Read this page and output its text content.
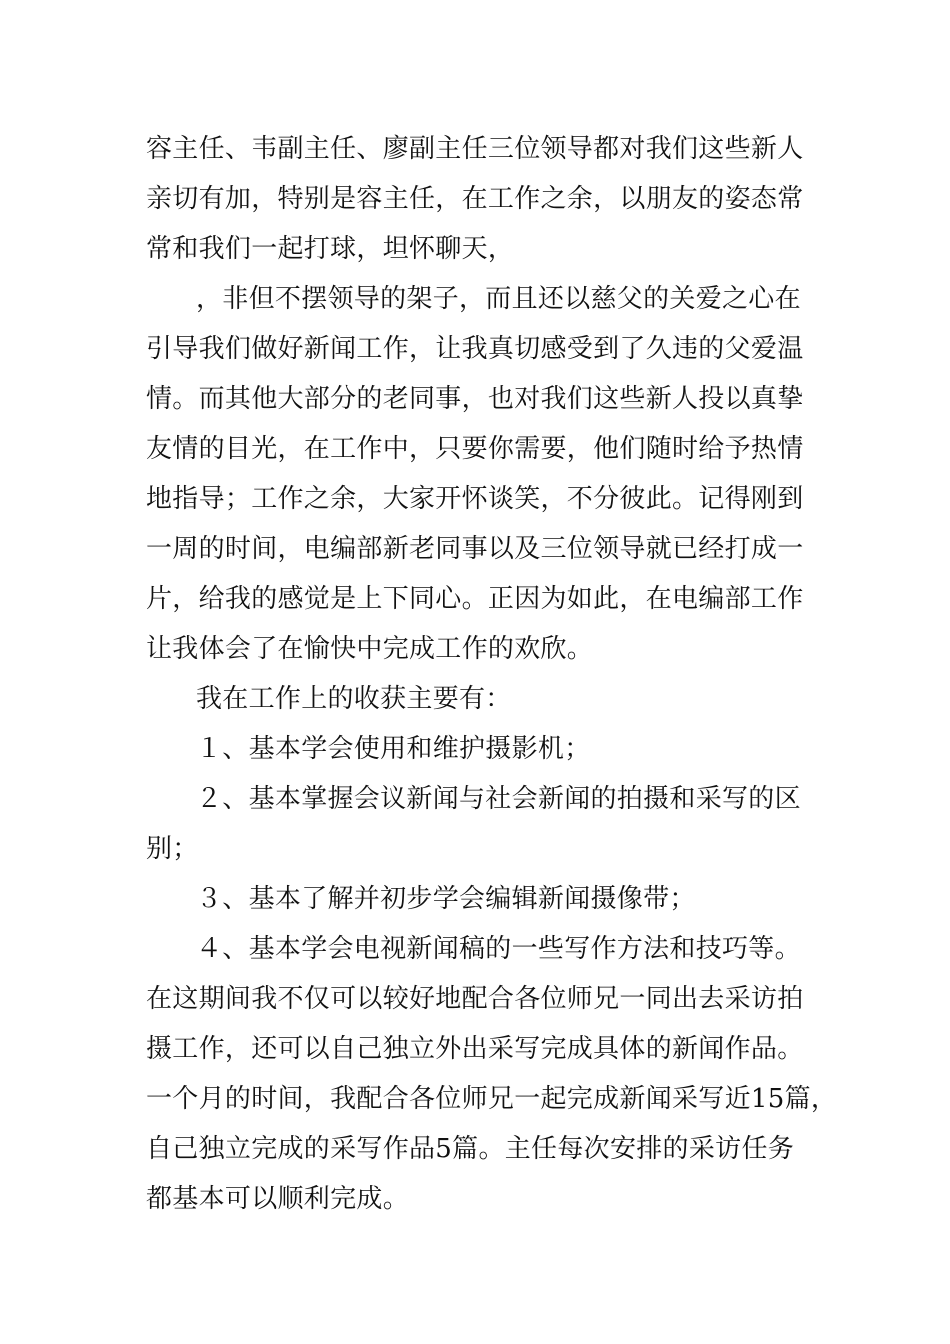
容主任、韦副主任、廖副主任三位领导都对我们这些新人
亲切有加，特别是容主任，在工作之余，以朋友的姿态常
常和我们一起打球，坦怀聊天，
，非但不摆领导的架子，而且还以慈父的关爱之心在
引导我们做好新闻工作，让我真切感受到了久违的父爱温
情。而其他大部分的老同事，也对我们这些新人投以真挚
友情的目光，在工作中，只要你需要，他们随时给予热情
地指导；工作之余，大家开怀谈笑，不分彼此。记得刚到
一周的时间，电编部新老同事以及三位领导就已经打成一
片，给我的感觉是上下同心。正因为如此，在电编部工作
让我体会了在愉快中完成工作的欢欣。
我在工作上的收获主要有：
１、基本学会使用和维护摄影机；
２、基本掌握会议新闻与社会新闻的拍摄和采写的区
别；
３、基本了解并初步学会编辑新闻摄像带；
４、基本学会电视新闻稿的一些写作方法和技巧等。
在这期间我不仅可以较好地配合各位师兄一同出去采访拍
摄工作，还可以自己独立外出采写完成具体的新闻作品。
一个月的时间，我配合各位师兄一起完成新闻采写近15篇，
自己独立完成的采写作品5篇。主任每次安排的采访任务
都基本可以顺利完成。
